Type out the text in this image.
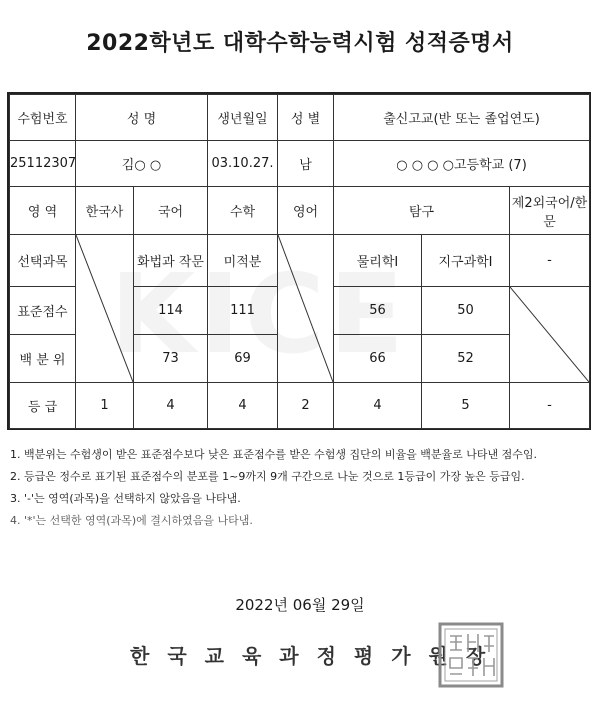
2022학년도 대학수학능력시험 성적증명서
수험번호	성 명		생년월일	성 별	출신고교(반 또는 졸업연도)		
25112307	김○ ○		03.10.27.	남	○ ○ ○ ○고등학교 (7)		
영 역	한국사	국어	수학	영어	탐구		제2외국어/한문
선택과목		화법과 작문	미적분		물리학Ⅰ	지구과학Ⅰ	-
표준점수		114	111		56	50	

백 분 위		73	69		66	52	
등 급	1	4	4	2	4	5	-
1. 백분위는 수험생이 받은 표준점수보다 낮은 표준점수를 받은 수험생 집단의 비율을 백분율로 나타낸 점수임.
2. 등급은 정수로 표기된 표준점수의 분포를 1~9까지 9개 구간으로 나눈 것으로 1등급이 가장 높은 등급임.
3. '-'는 영역(과목)을 선택하지 않았음을 나타냄.
4. '*'는 선택한 영역(과목)에 결시하였음을 나타냄.
2022년 06월 29일
한국교육과정평가원장
